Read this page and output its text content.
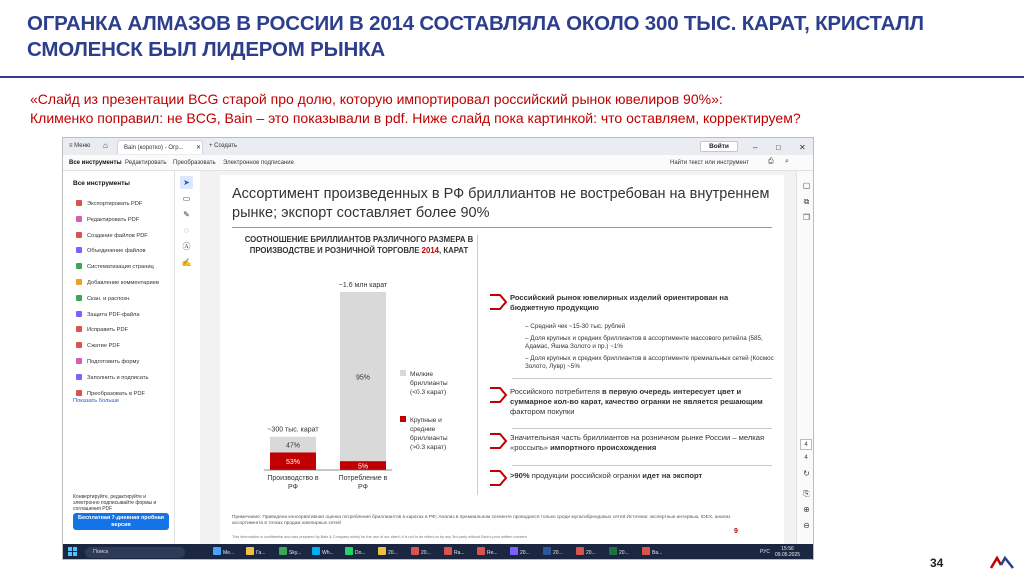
ОГРАНКА АЛМАЗОВ В РОССИИ В 2014 СОСТАВЛЯЛА ОКОЛО 300 ТЫС. КАРАТ, КРИСТАЛЛ СМОЛЕНСК БЫЛ ЛИДЕРОМ РЫНКА
«Слайд из презентации BCG старой про долю, которую импортировал российский рынок ювелиров 90%»:
Клименко поправил: не BCG, Bain – это показывали в pdf. Ниже слайд пока картинкой: что оставляем, корректируем?
≡ Меню ⌂	Bain (коротко) - Огр... ✕ + Создать	Войти	– □ ✕
Все инструменты Редактировать Преобразовать Электронное подписание	Найти текст или инструмент	⎙ ⌕
Все инструменты
Экспортировать PDF
Редактировать PDF
Создание файлов PDF
Объединение файлов
Систематизация страниц
Добавление комментариев
Скан. и распозн.
Защита PDF-файла
Исправить PDF
Сжатие PDF
Подготовить форму
Заполнить и подписать
Преобразовать в PDF
Показать больше
Конвертируйте, редактируйте и электронно подписывайте формы и соглашения PDF
Бесплатная 7-дневная пробная версия
➤
▭
✎
◌
Ⓐ
✍
Ассортимент произведенных в РФ бриллиантов не востребован на внутреннем рынке; экспорт составляет более 90%
СООТНОШЕНИЕ БРИЛЛИАНТОВ РАЗЛИЧНОГО РАЗМЕРА В ПРОИЗВОДСТВЕ И РОЗНИЧНОЙ ТОРГОВЛЕ 2014, КАРАТ
53%
47%
~300 тыс. карат
Производство в
РФ
5%
95%
~1.6 млн карат
Потребление в
РФ
Мелкие
бриллианты
(<0.3 карат)
Крупные и
средние
бриллианты
(>0.3 карат)
Российский рынок ювелирных изделий ориентирован на бюджетную продукцию
– Средний чек ~15-30 тыс. рублей
– Доля крупных и средних бриллиантов в ассортименте массового ритейла (585, Адамас, Яшма Золото и пр.) ~1%
– Доля крупных и средних бриллиантов в ассортименте премиальных сетей (Космос Золото, Лувр) ~5%
Российского потребителя в первую очередь интересует цвет и суммарное кол-во карат, качество огранки не является решающим фактором покупки
Значительная часть бриллиантов на розничном рынке России – мелкая «россыпь» импортного происхождения
>90% продукции российской огранки идет на экспорт
Примечание: Приведена консервативная оценка потребления бриллиантов в каратах в РФ; Анализ в премиальном сегменте проводился только среди мультибрендовых сетей Источник: экспертные интервью, IDEX, анализ ассортимента в точках продаж ювелирных сетей
This information is confidential and was prepared by Bain & Company solely for the use of our client; it is not to be relied on by any 3rd party without Bain's prior written consent
9
▢
⧉
❐
4
4
↻
⎘
⊕
⊖
Поиск	Ме...	Га...	Sky...	Wh...	Do...	20...	20...	Ra...	Re...	20...	20...	20...	20...	Ba...	РУС	15:56
09.05.2025
34
